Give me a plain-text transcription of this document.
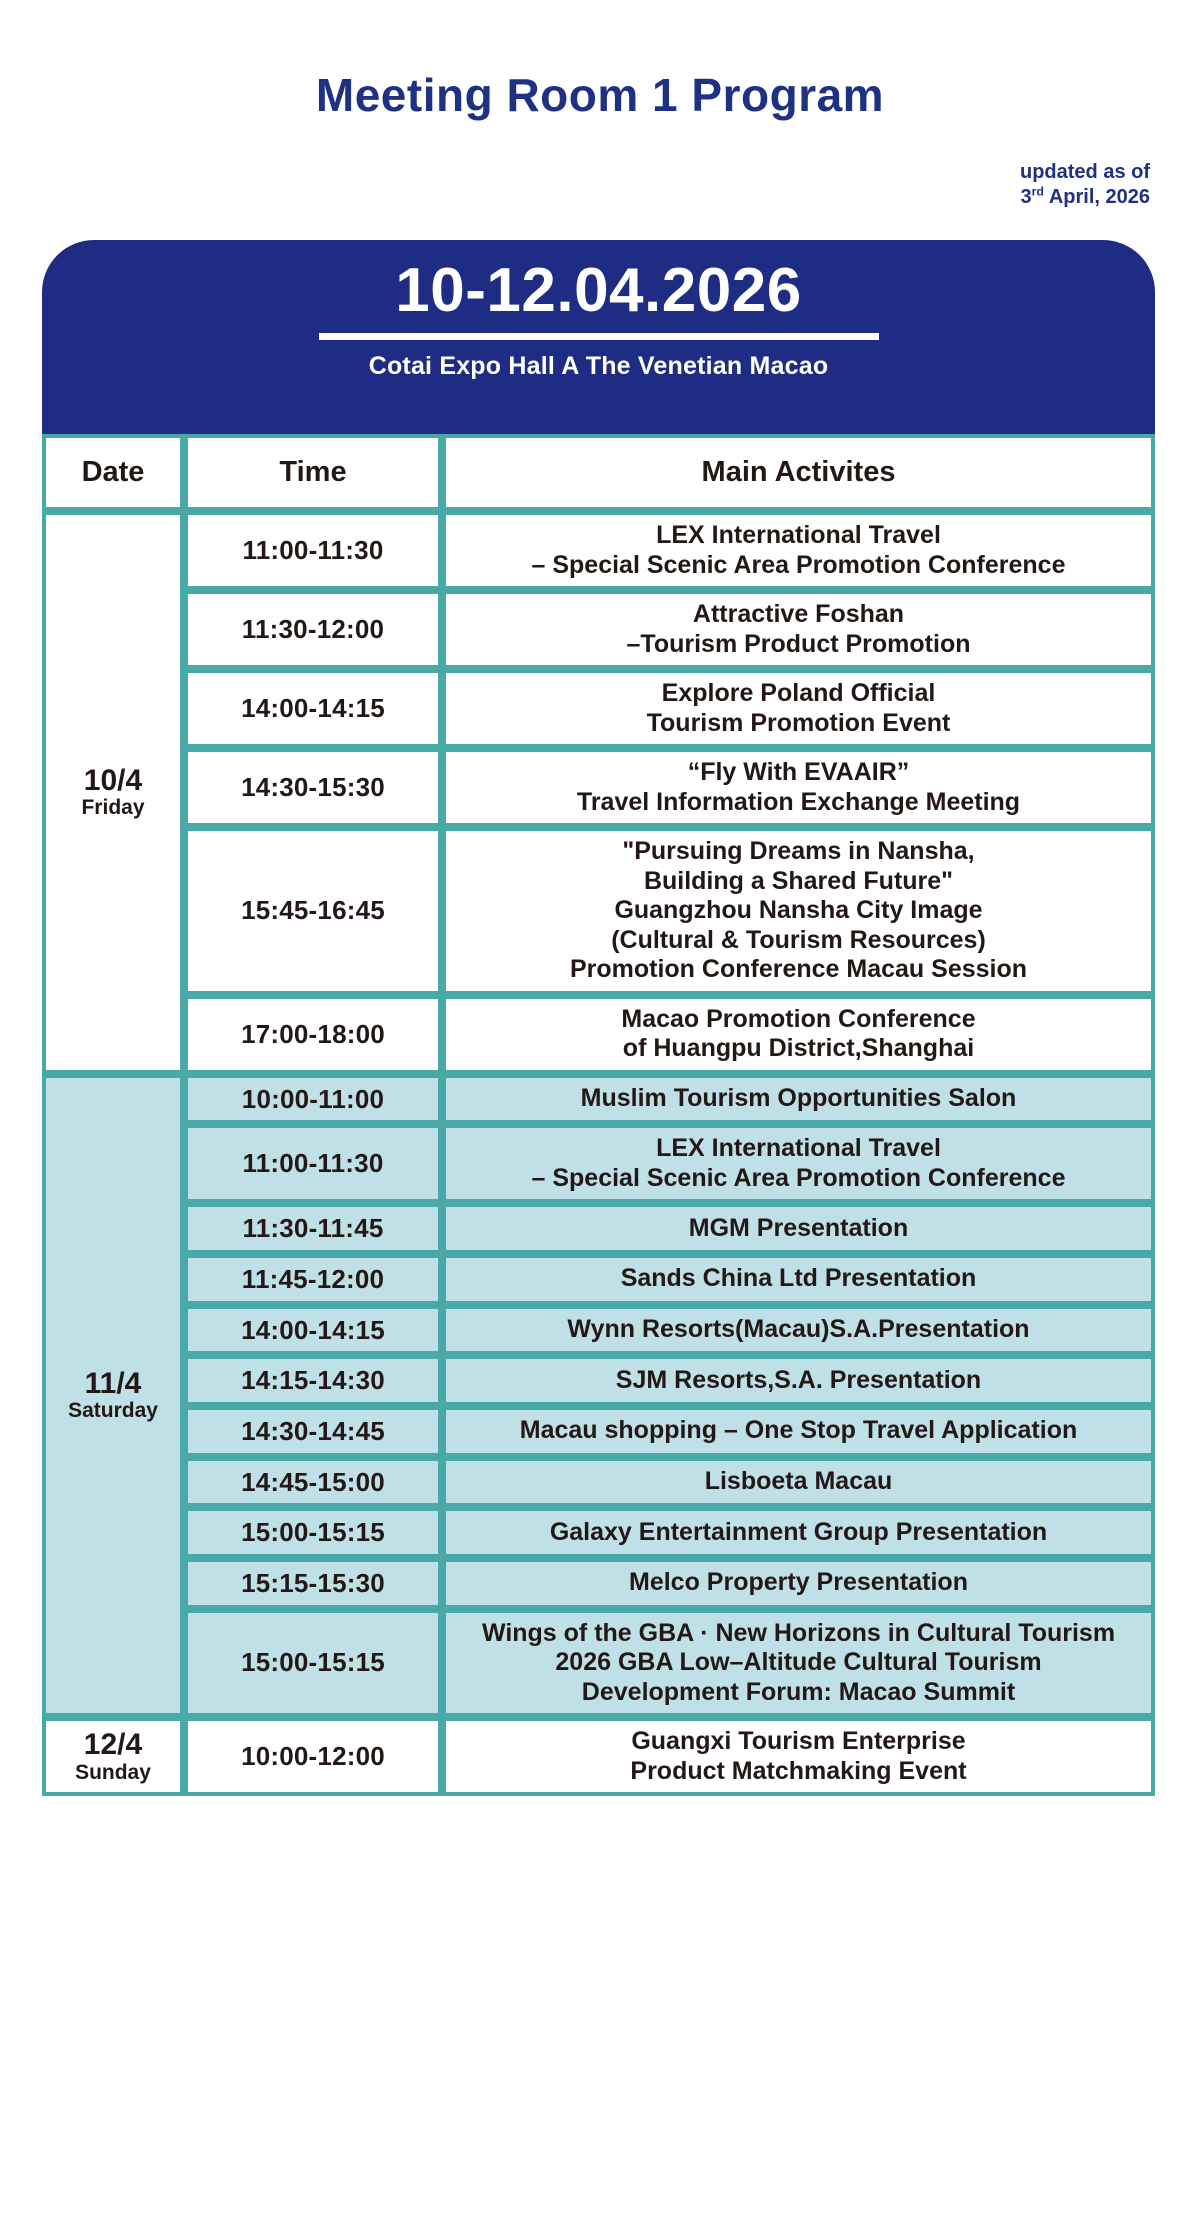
Meeting Room 1 Program
updated as of
3rd April, 2026
10-12.04.2026
Cotai Expo Hall A The Venetian Macao
Date	Time	Main Activites

10/4
Friday	11:00-11:30	LEX International Travel
– Special Scenic Area Promotion Conference

	11:30-12:00	Attractive Foshan
–Tourism Product Promotion

	14:00-14:15	Explore Poland Official
Tourism Promotion Event

	14:30-15:30	“Fly With EVAAIR”
Travel Information Exchange Meeting

	15:45-16:45	"Pursuing Dreams in Nansha,
Building a Shared Future"
Guangzhou Nansha City Image
(Cultural & Tourism Resources)
Promotion Conference Macau Session

	17:00-18:00	Macao Promotion Conference
of Huangpu District,Shanghai

11/4
Saturday	10:00-11:00	Muslim Tourism Opportunities Salon

	11:00-11:30	LEX International Travel
– Special Scenic Area Promotion Conference

	11:30-11:45	MGM Presentation

	11:45-12:00	Sands China Ltd Presentation

	14:00-14:15	Wynn Resorts(Macau)S.A.Presentation

	14:15-14:30	SJM Resorts,S.A. Presentation

	14:30-14:45	Macau shopping – One Stop Travel Application

	14:45-15:00	Lisboeta Macau

	15:00-15:15	Galaxy Entertainment Group Presentation

	15:15-15:30	Melco Property Presentation

	15:00-15:15	Wings of the GBA · New Horizons in Cultural Tourism
2026 GBA Low–Altitude Cultural Tourism
Development Forum: Macao Summit

12/4
Sunday	10:00-12:00	Guangxi Tourism Enterprise
Product Matchmaking Event
